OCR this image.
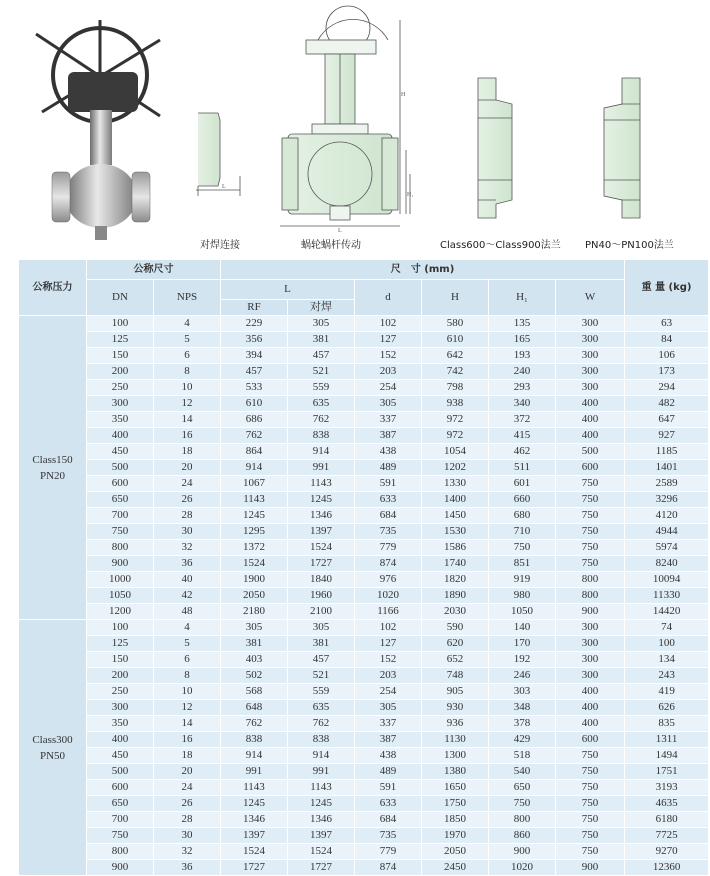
L
H
H₁
L
对焊连接	蜗轮蜗杆传动	Class600～Class900法兰 PN40～PN100法兰
公称压力	公称尺寸		尺　寸 (mm)						重 量 (kg)
	DN	NPS	L		d	H	H₁	W	
			RF	对焊					

Class150
PN20	100	4	229	305	102	580	135	300	63
	125	5	356	381	127	610	165	300	84
	150	6	394	457	152	642	193	300	106
	200	8	457	521	203	742	240	300	173
	250	10	533	559	254	798	293	300	294
	300	12	610	635	305	938	340	400	482
	350	14	686	762	337	972	372	400	647
	400	16	762	838	387	972	415	400	927
	450	18	864	914	438	1054	462	500	1185
	500	20	914	991	489	1202	511	600	1401
	600	24	1067	1143	591	1330	601	750	2589
	650	26	1143	1245	633	1400	660	750	3296
	700	28	1245	1346	684	1450	680	750	4120
	750	30	1295	1397	735	1530	710	750	4944
	800	32	1372	1524	779	1586	750	750	5974
	900	36	1524	1727	874	1740	851	750	8240
	1000	40	1900	1840	976	1820	919	800	10094
	1050	42	2050	1960	1020	1890	980	800	11330
	1200	48	2180	2100	1166	2030	1050	900	14420

Class300
PN50	100	4	305	305	102	590	140	300	74
	125	5	381	381	127	620	170	300	100
	150	6	403	457	152	652	192	300	134
	200	8	502	521	203	748	246	300	243
	250	10	568	559	254	905	303	400	419
	300	12	648	635	305	930	348	400	626
	350	14	762	762	337	936	378	400	835
	400	16	838	838	387	1130	429	600	1311
	450	18	914	914	438	1300	518	750	1494
	500	20	991	991	489	1380	540	750	1751
	600	24	1143	1143	591	1650	650	750	3193
	650	26	1245	1245	633	1750	750	750	4635
	700	28	1346	1346	684	1850	800	750	6180
	750	30	1397	1397	735	1970	860	750	7725
	800	32	1524	1524	779	2050	900	750	9270
	900	36	1727	1727	874	2450	1020	900	12360
